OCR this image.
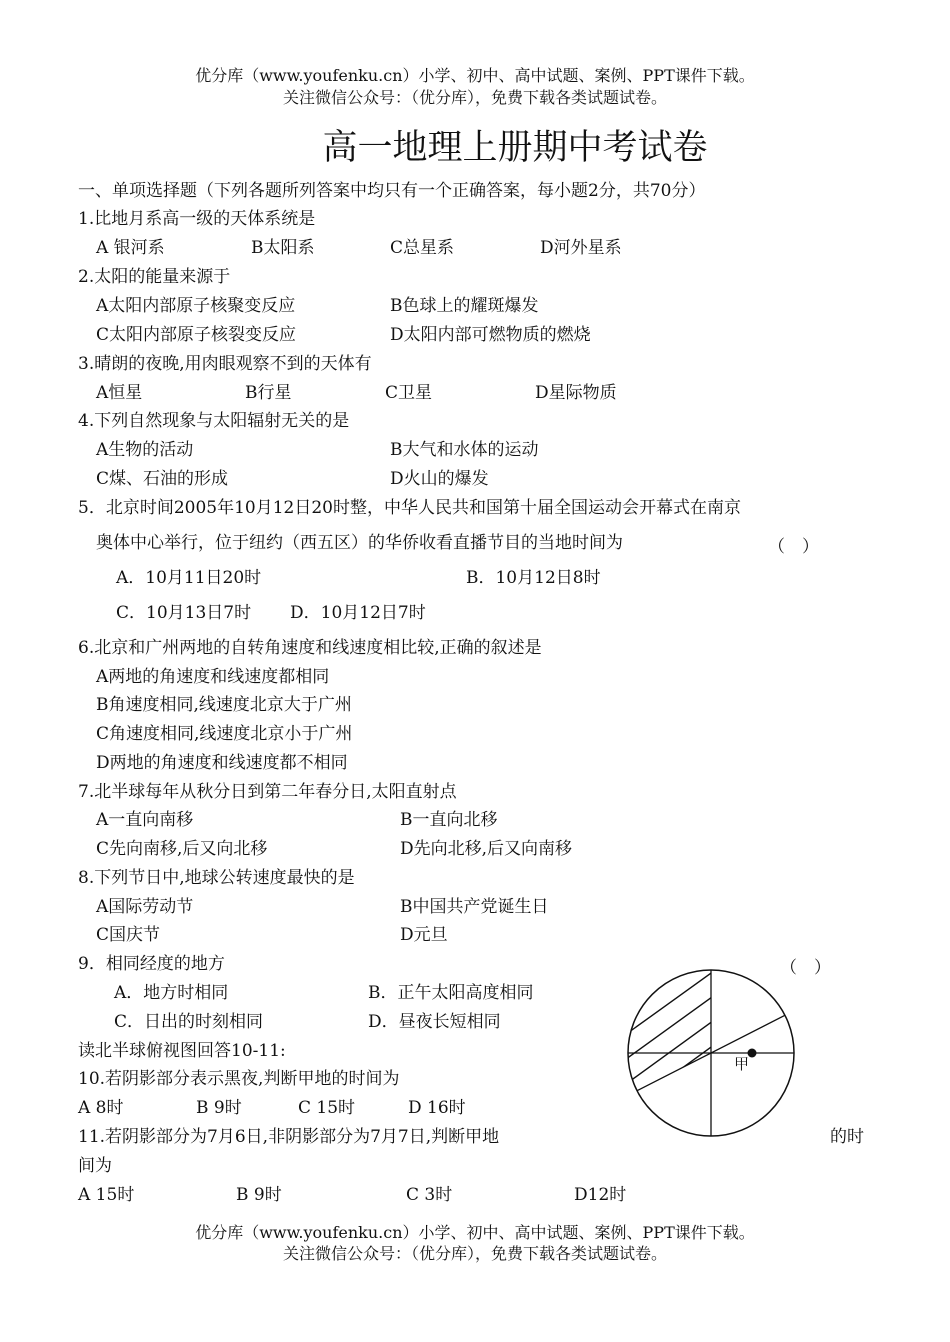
优分库（www.youfenku.cn）小学、初中、高中试题、案例、PPT课件下载。
关注微信公众号：（优分库），免费下载各类试题试卷。
高一地理上册期中考试卷
一、单项选择题（下列各题所列答案中均只有一个正确答案，每小题2分，共70分）
1.比地月系高一级的天体系统是
A 银河系	B太阳系	C总星系	D河外星系
2.太阳的能量来源于
A太阳内部原子核聚变反应	B色球上的耀斑爆发
C太阳内部原子核裂变反应	D太阳内部可燃物质的燃烧
3.晴朗的夜晚,用肉眼观察不到的天体有
A恒星	B行星	C卫星	D星际物质
4.下列自然现象与太阳辐射无关的是
A生物的活动	B大气和水体的运动
C煤、石油的形成	D火山的爆发
5．北京时间2005年10月12日20时整，中华人民共和国第十届全国运动会开幕式在南京
奥体中心举行，位于纽约（西五区）的华侨收看直播节目的当地时间为	（　）
A．10月11日20时	B．10月12日8时
C．10月13日7时 D．10月12日7时
6.北京和广州两地的自转角速度和线速度相比较,正确的叙述是
A两地的角速度和线速度都相同
B角速度相同,线速度北京大于广州
C角速度相同,线速度北京小于广州
D两地的角速度和线速度都不相同
7.北半球每年从秋分日到第二年春分日,太阳直射点
A一直向南移	B一直向北移
C先向南移,后又向北移	D先向北移,后又向南移
8.下列节日中,地球公转速度最快的是
A国际劳动节	B中国共产党诞生日
C国庆节	D元旦
9．相同经度的地方	（　）
A．地方时相同	B．正午太阳高度相同
C．日出的时刻相同	D．昼夜长短相同
读北半球俯视图回答10-11:
10.若阴影部分表示黑夜,判断甲地的时间为
A 8时	B 9时	C 15时	D 16时
11.若阴影部分为7月6日,非阴影部分为7月7日,判断甲地	的时
间为
A 15时	B 9时	C 3时	D12时
甲
优分库（www.youfenku.cn）小学、初中、高中试题、案例、PPT课件下载。
关注微信公众号：（优分库），免费下载各类试题试卷。
